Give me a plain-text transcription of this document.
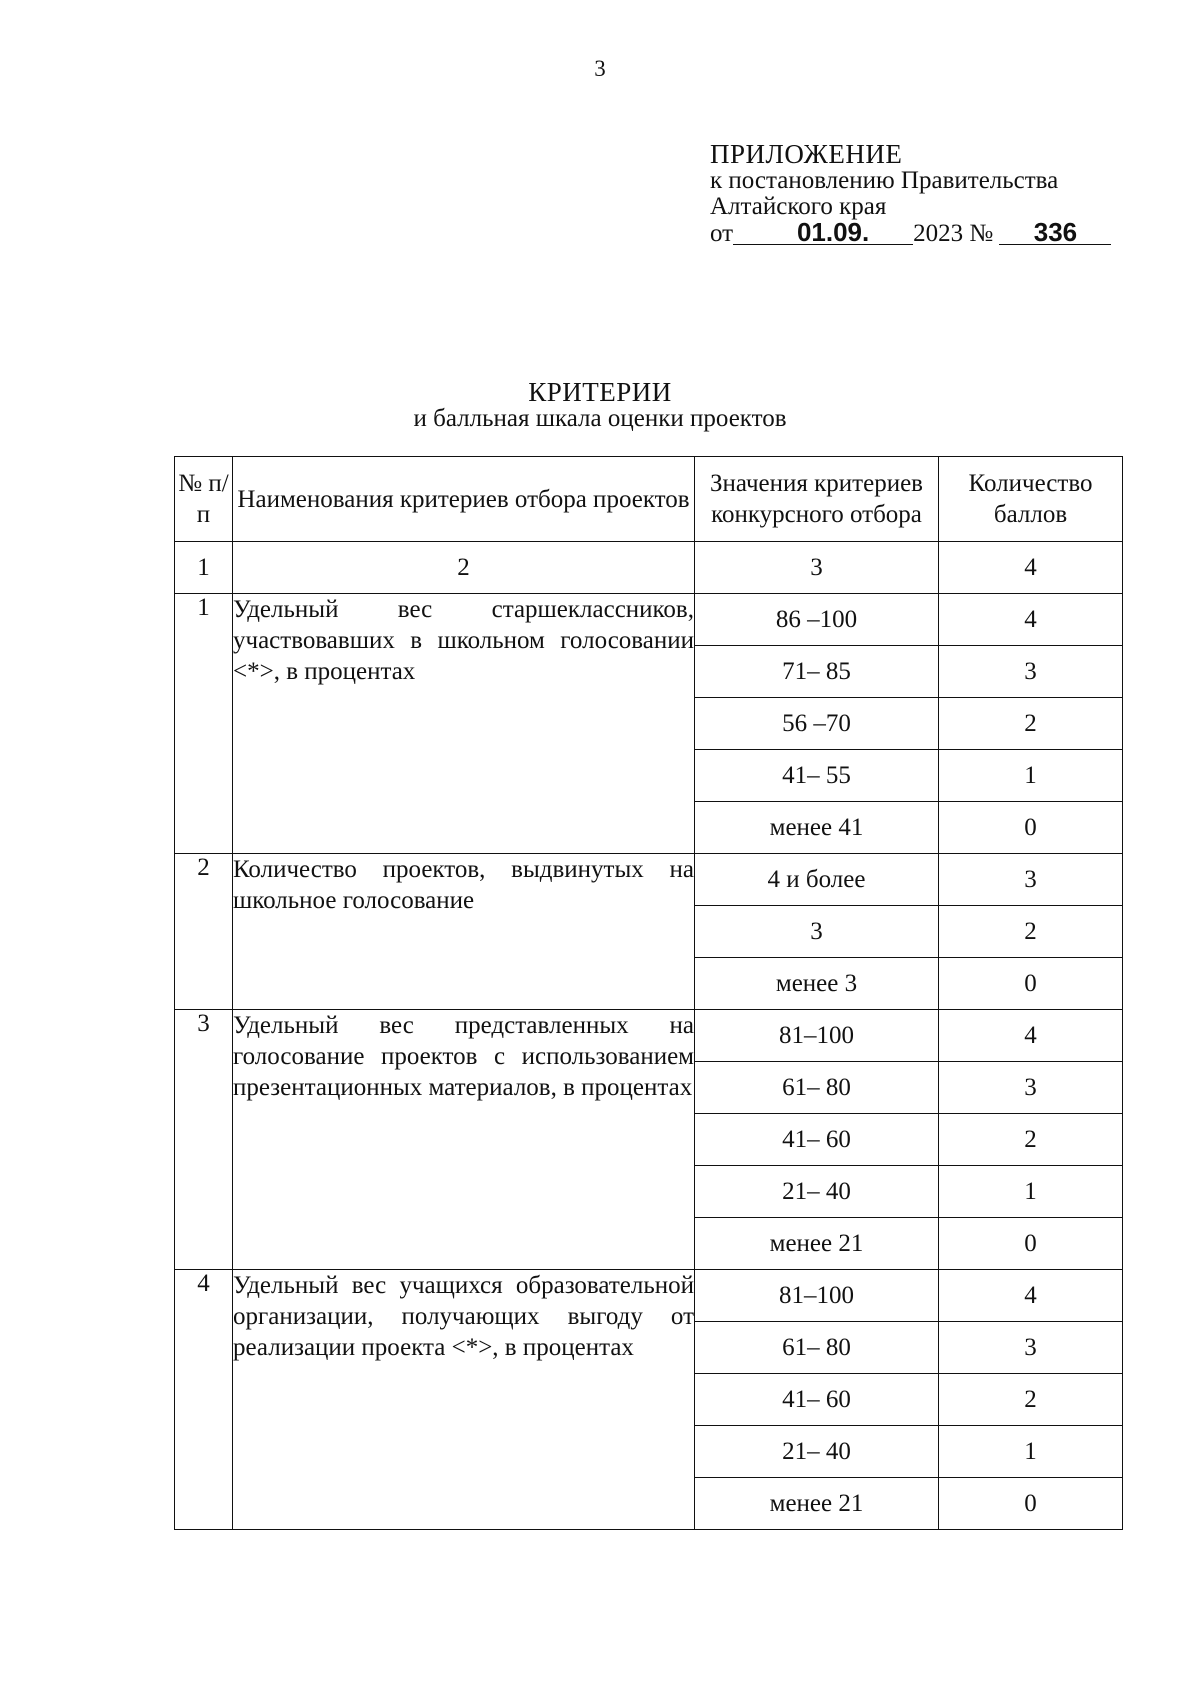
3
ПРИЛОЖЕНИЕ
к постановлению Правительства
Алтайского края
от 01.09. 2023 № 336
КРИТЕРИИ
и балльная шкала оценки проектов
№ п/п	Наименования критериев отбора проектов	Значения критериев конкурсного отбора	Количество баллов
1	2	3	4
1	Удельный вес старшеклассников, участвовавших в школьном голосовании <*>, в процентах	86 –100	4
		71– 85	3
		56 –70	2
		41– 55	1
		менее 41	0
2	Количество проектов, выдвинутых на школьное голосование	4 и более	3
		3	2
		менее 3	0
3	Удельный вес представленных на голосование проектов с использованием презентационных материалов, в процентах	81–100	4
		61– 80	3
		41– 60	2
		21– 40	1
		менее 21	0
4	Удельный вес учащихся образовательной организации, получающих выгоду от реализации проекта <*>, в процентах	81–100	4
		61– 80	3
		41– 60	2
		21– 40	1
		менее 21	0
